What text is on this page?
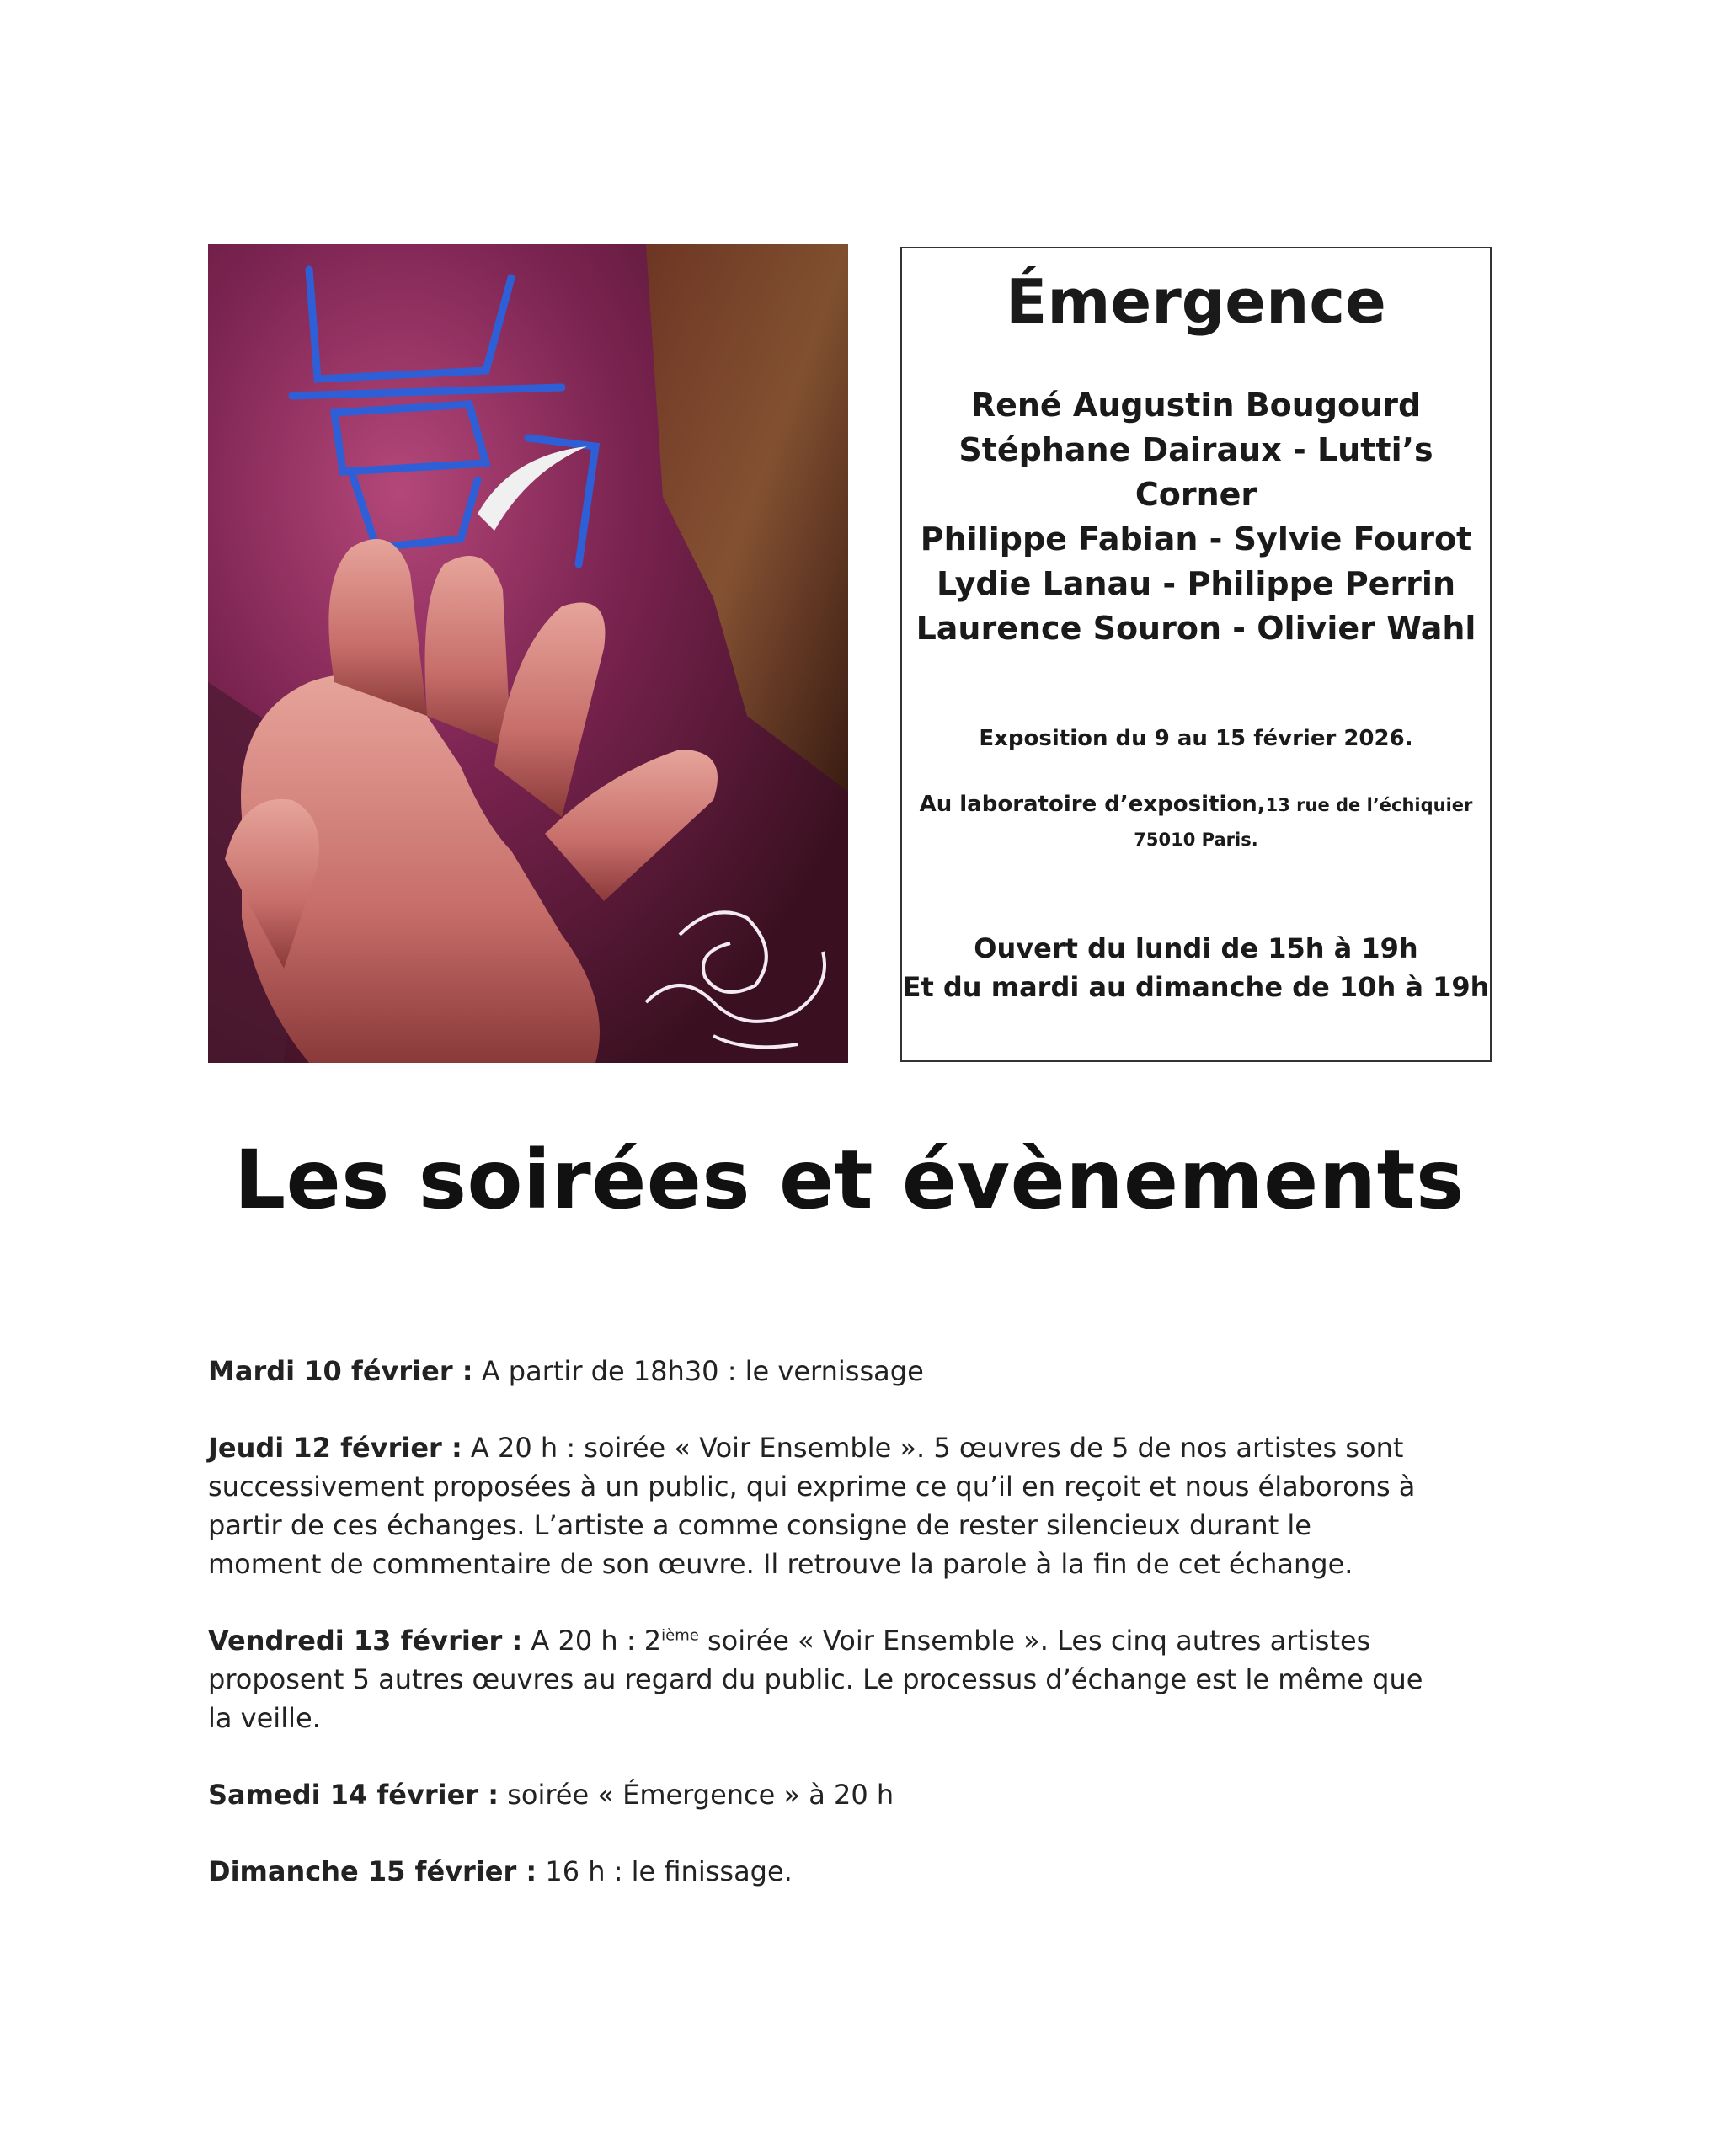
Émergence
René Augustin Bougourd
Stéphane Dairaux - Lutti’s Corner
Philippe Fabian - Sylvie Fourot
Lydie Lanau - Philippe Perrin
Laurence Souron - Olivier Wahl

Exposition du 9 au 15 février 2026.

Au laboratoire d’exposition,13 rue de l’échiquier
75010 Paris.

Ouvert du lundi de 15h à 19h
Et du mardi au dimanche de 10h à 19h
Les soirées et évènements

Mardi 10 février : A partir de 18h30 : le vernissage

Jeudi 12 février : A 20 h : soirée « Voir Ensemble ». 5 œuvres de 5 de nos artistes sont successivement proposées à un public, qui exprime ce qu’il en reçoit et nous élaborons à partir de ces échanges. L’artiste a comme consigne de rester silencieux durant le moment de commentaire de son œuvre. Il retrouve la parole à la fin de cet échange.

Vendredi 13 février : A 20 h : 2ième soirée « Voir Ensemble ». Les cinq autres artistes proposent 5 autres œuvres au regard du public. Le processus d’échange est le même que la veille.

Samedi 14 février : soirée « Émergence » à 20 h

Dimanche 15 février : 16 h : le finissage.
